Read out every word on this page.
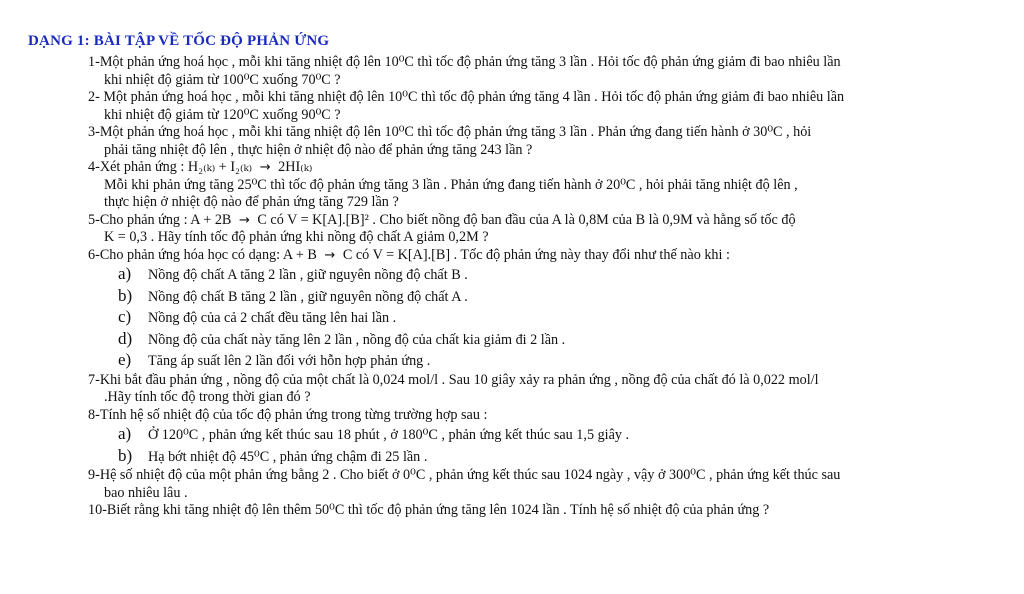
DẠNG 1: BÀI TẬP VỀ TỐC ĐỘ PHẢN ỨNG
1-Một phản ứng hoá học , mỗi khi tăng nhiệt độ lên 10⁰C thì tốc độ phản ứng tăng 3 lần . Hỏi tốc độ phản ứng giảm đi bao nhiêu lần
khi nhiệt độ giảm từ 100⁰C xuống 70⁰C ?
2- Một phản ứng hoá học , mỗi khi tăng nhiệt độ lên 10⁰C thì tốc độ phản ứng tăng 4 lần . Hỏi tốc độ phản ứng giảm đi bao nhiêu lần
khi nhiệt độ giảm từ 120⁰C xuống 90⁰C ?
3-Một phản ứng hoá học , mỗi khi tăng nhiệt độ lên 10⁰C thì tốc độ phản ứng tăng 3 lần . Phản ứng đang tiến hành ở 30⁰C , hỏi
phải tăng nhiệt độ lên , thực hiện ở nhiệt độ nào để phản ứng tăng 243 lần ?
4-Xét phản ứng : H₂₍ₖ₎ + I₂₍ₖ₎ → 2HI₍ₖ₎
Mỗi khi phản ứng tăng 25⁰C thì tốc độ phản ứng tăng 3 lần . Phản ứng đang tiến hành ở 20⁰C , hỏi phải tăng nhiệt độ lên ,
thực hiện ở nhiệt độ nào để phản ứng tăng 729 lần ?
5-Cho phản ứng : A + 2B → C có V = K[A].[B]² . Cho biết nồng độ ban đầu của A là 0,8M của B là 0,9M và hằng số tốc độ
K = 0,3 . Hãy tính tốc độ phản ứng khi nồng độ chất A giảm 0,2M ?
6-Cho phản ứng hóa học có dạng: A + B → C có V = K[A].[B] . Tốc độ phản ứng này thay đổi như thế nào khi :
a) Nồng độ chất A tăng 2 lần , giữ nguyên nồng độ chất B .
b) Nồng độ chất B tăng 2 lần , giữ nguyên nồng độ chất A .
c) Nồng độ của cả 2 chất đều tăng lên hai lần .
d) Nồng độ của chất này tăng lên 2 lần , nồng độ của chất kia giảm đi 2 lần .
e) Tăng áp suất lên 2 lần đối với hỗn hợp phản ứng .
7-Khi bắt đầu phản ứng , nồng độ của một chất là 0,024 mol/l . Sau 10 giây xảy ra phản ứng , nồng độ của chất đó là 0,022 mol/l
.Hãy tính tốc độ trong thời gian đó ?
8-Tính hệ số nhiệt độ của tốc độ phản ứng trong từng trường hợp sau :
a) Ở 120⁰C , phản ứng kết thúc sau 18 phút , ở 180⁰C , phản ứng kết thúc sau 1,5 giây .
b) Hạ bớt nhiệt độ 45⁰C , phản ứng chậm đi 25 lần .
9-Hệ số nhiệt độ của một phản ứng bằng 2 . Cho biết ở 0⁰C , phản ứng kết thúc sau 1024 ngày , vậy ở 300⁰C , phản ứng kết thúc sau
bao nhiêu lâu .
10-Biết rằng khi tăng nhiệt độ lên thêm 50⁰C thì tốc độ phản ứng tăng lên 1024 lần . Tính hệ số nhiệt độ của phản ứng ?
